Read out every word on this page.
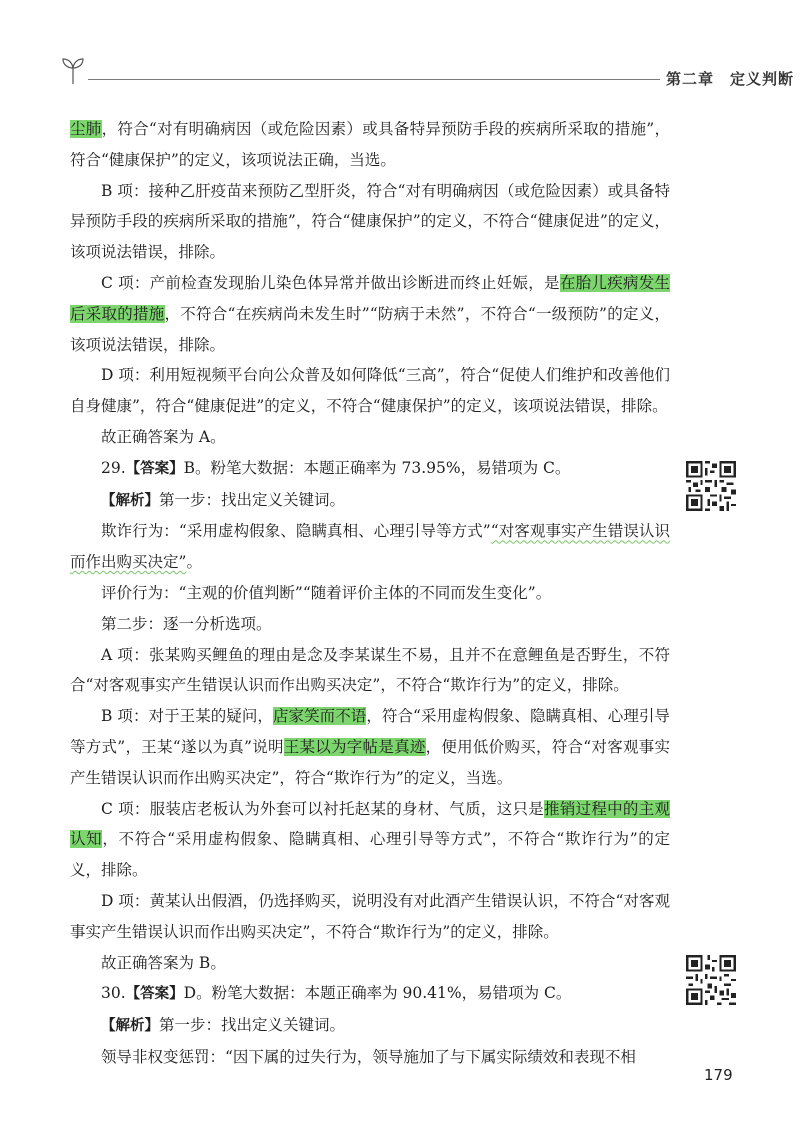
第二章　定义判断

尘肺，符合“对有明确病因（或危险因素）或具备特异预防手段的疾病所采取的措施”，符合“健康保护”的定义，该项说法正确，当选。

B 项：接种乙肝疫苗来预防乙型肝炎，符合“对有明确病因（或危险因素）或具备特异预防手段的疾病所采取的措施”，符合“健康保护”的定义，不符合“健康促进”的定义，该项说法错误，排除。

C 项：产前检查发现胎儿染色体异常并做出诊断进而终止妊娠，是在胎儿疾病发生后采取的措施，不符合“在疾病尚未发生时”“防病于未然”，不符合“一级预防”的定义，该项说法错误，排除。

D 项：利用短视频平台向公众普及如何降低“三高”，符合“促使人们维护和改善他们自身健康”，符合“健康促进”的定义，不符合“健康保护”的定义，该项说法错误，排除。

故正确答案为 A。

29.【答案】B。粉笔大数据：本题正确率为 73.95%，易错项为 C。

【解析】第一步：找出定义关键词。

欺诈行为：“采用虚构假象、隐瞒真相、心理引导等方式”“对客观事实产生错误认识而作出购买决定”。

评价行为：“主观的价值判断”“随着评价主体的不同而发生变化”。

第二步：逐一分析选项。

A 项：张某购买鲤鱼的理由是念及李某谋生不易，且并不在意鲤鱼是否野生，不符合“对客观事实产生错误认识而作出购买决定”，不符合“欺诈行为”的定义，排除。

B 项：对于王某的疑问，店家笑而不语，符合“采用虚构假象、隐瞒真相、心理引导等方式”，王某“遂以为真”说明王某以为字帖是真迹，便用低价购买，符合“对客观事实产生错误认识而作出购买决定”，符合“欺诈行为”的定义，当选。

C 项：服装店老板认为外套可以衬托赵某的身材、气质，这只是推销过程中的主观认知，不符合“采用虚构假象、隐瞒真相、心理引导等方式”，不符合“欺诈行为”的定义，排除。

D 项：黄某认出假酒，仍选择购买，说明没有对此酒产生错误认识，不符合“对客观事实产生错误认识而作出购买决定”，不符合“欺诈行为”的定义，排除。

故正确答案为 B。

30.【答案】D。粉笔大数据：本题正确率为 90.41%，易错项为 C。

【解析】第一步：找出定义关键词。

领导非权变惩罚：“因下属的过失行为，领导施加了与下属实际绩效和表现不相

179
